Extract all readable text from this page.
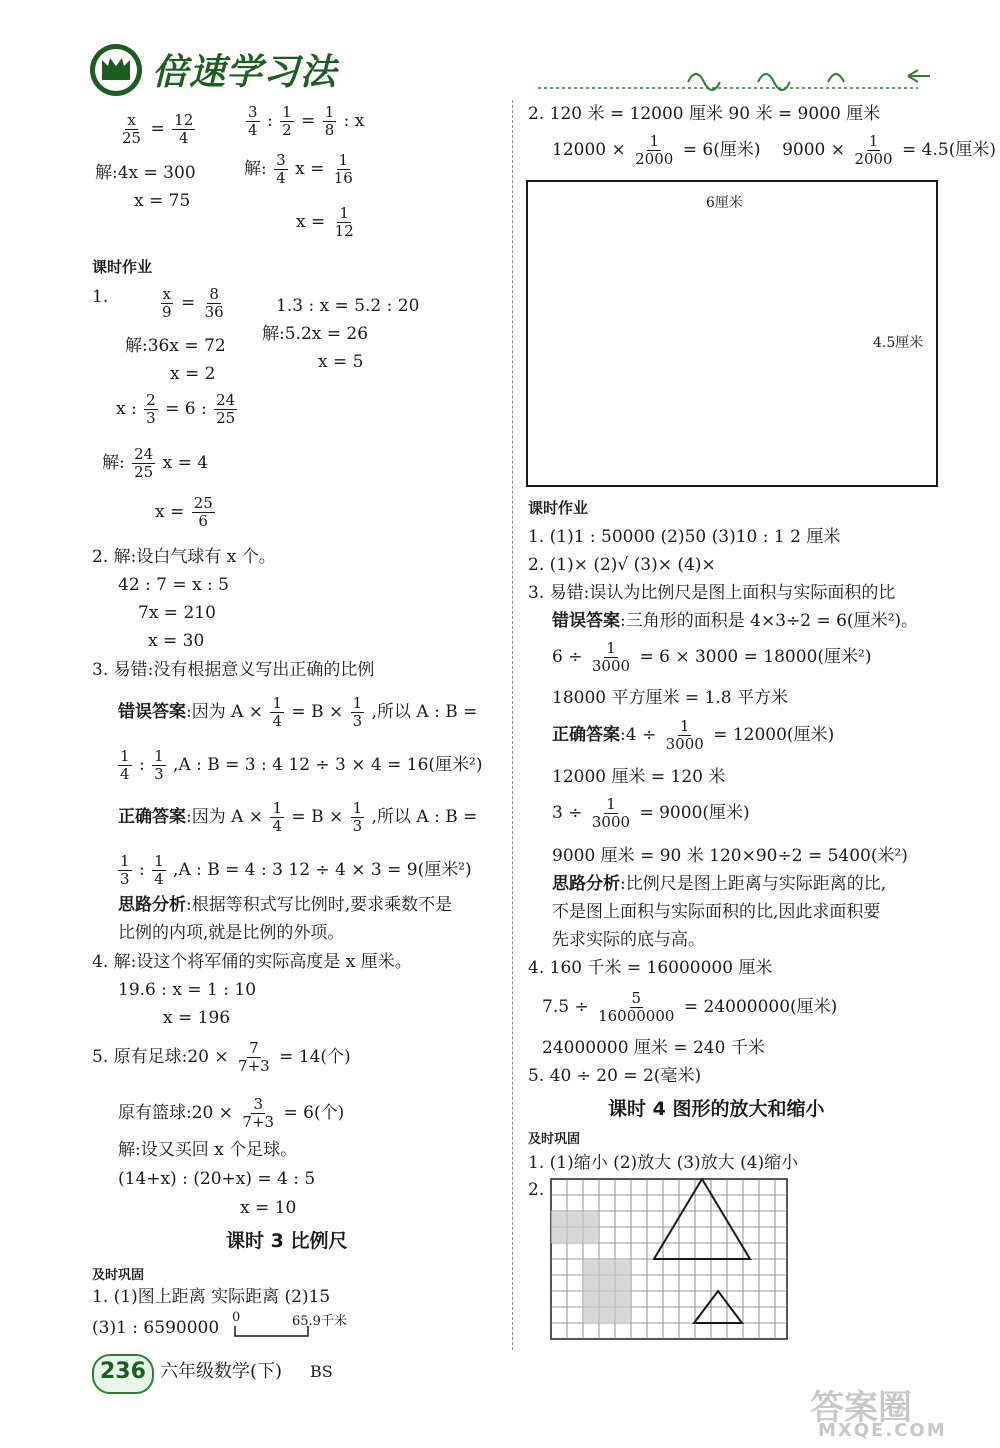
倍速学习法
$\frac{x}{25} = \frac{12}{4}$
解:4x = 300
x = 75
$\frac{3}{4}$ : $\frac{1}{2} = \frac{1}{8}$ : x
解: $\frac{3}{4}$ $x = \frac{1}{16}$
$x = \frac{1}{12}$
课时作业
1.	$\frac{x}{9} = \frac{8}{36}$
解:36x = 72
x = 2
1.3 : x = 5.2 : 20
解:5.2x = 26
x = 5
x : $\frac{2}{3} = 6$ : $\frac{24}{25}$
解: $\frac{24}{25}$ x = 4
$x = \frac{25}{6}$
2. 解:设白气球有 x 个。
42 : 7 = x : 5
7x = 210
x = 30
3. 易错:没有根据意义写出正确的比例
错误答案:因为 $A \times \frac{1}{4} = B \times \frac{1}{3}$ ,所以 A : B =
$\frac{1}{4}$ : $\frac{1}{3} ,A$ : B = 3 : 4 12 ÷ 3 × 4 = 16(厘米²)
正确答案:因为 $A \times \frac{1}{4} = B \times \frac{1}{3}$ ,所以 A : B =
$\frac{1}{3}$ : $\frac{1}{4} ,A$ : B = 4 : 3 12 ÷ 4 × 3 = 9(厘米²)
思路分析:根据等积式写比例时,要求乘数不是
比例的内项,就是比例的外项。
4. 解:设这个将军俑的实际高度是 x 厘米。
19.6 : x = 1 : 10
x = 196
5. 原有足球:20 × $\frac{7}{7+3} = 14$(个)
原有篮球:20 × $\frac{3}{7+3} = 6$(个)
解:设又买回 x 个足球。
(14+x) : (20+x) = 4 : 5
x = 10
课时 3 比例尺
及时巩固
1. (1)图上距离 实际距离 (2)15
(3)1 : 6590000
0	65.9千米
2. 120 米 = 12000 厘米 90 米 = 9000 厘米
$12000 \times \frac{1}{2000} = 6$(厘米) $9000 \times \frac{1}{2000} = 4.5$(厘米)
6厘米
4.5厘米
课时作业
1. (1)1 : 50000 (2)50 (3)10 : 1 2 厘米
2. (1)× (2)√ (3)× (4)×
3. 易错:误认为比例尺是图上面积与实际面积的比
错误答案:三角形的面积是 4×3÷2 = 6(厘米²)。
$6 \div \frac{1}{3000} = 6 \times 3000 = 18000$(厘米²)
18000 平方厘米 = 1.8 平方米
正确答案:4 ÷ $\frac{1}{3000} = 12000$(厘米)
12000 厘米 = 120 米
$3 \div \frac{1}{3000} = 9000$(厘米)
9000 厘米 = 90 米 120×90÷2 = 5400(米²)
思路分析:比例尺是图上距离与实际距离的比,
不是图上面积与实际面积的比,因此求面积要
先求实际的底与高。
4. 160 千米 = 16000000 厘米
$7.5 \div \frac{5}{16000000} = 24000000$(厘米)
24000000 厘米 = 240 千米
5. 40 ÷ 20 = 2(毫米)
课时 4 图形的放大和缩小
及时巩固
1. (1)缩小 (2)放大 (3)放大 (4)缩小
2.
236 六年级数学(下) BS
答案圈
MXQE.COM
